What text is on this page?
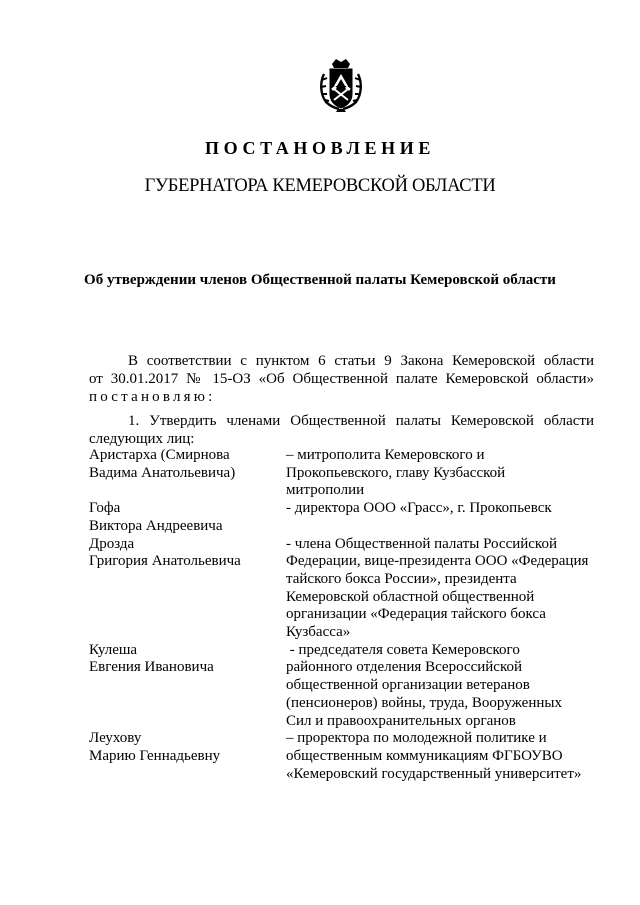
ПОСТАНОВЛЕНИЕ
ГУБЕРНАТОРА КЕМЕРОВСКОЙ ОБЛАСТИ
Об утверждении членов Общественной палаты Кемеровской области
В соответствии с пунктом 6 статьи 9 Закона Кемеровской области
от 30.01.2017 № 15-ОЗ «Об Общественной палате Кемеровской области»
постановляю:
1. Утвердить членами Общественной палаты Кемеровской области
следующих лиц:
Аристарха (Смирнова
Вадима Анатольевича)
– митрополита Кемеровского и
Прокопьевского, главу Кузбасской
митрополии
Гофа
Виктора Андреевича
- директора ООО «Грасс», г. Прокопьевск
Дрозда
Григория Анатольевича
- члена Общественной палаты Российской
Федерации, вице-президента ООО «Федерация
тайского бокса России», президента
Кемеровской областной общественной
организации «Федерация тайского бокса
Кузбасса»
Кулеша
Евгения Ивановича
- председателя совета Кемеровского
районного отделения Всероссийской
общественной организации ветеранов
(пенсионеров) войны, труда, Вооруженных
Сил и правоохранительных органов
Леухову
Марию Геннадьевну
– проректора по молодежной политике и
общественным коммуникациям ФГБОУВО
«Кемеровский государственный университет»
